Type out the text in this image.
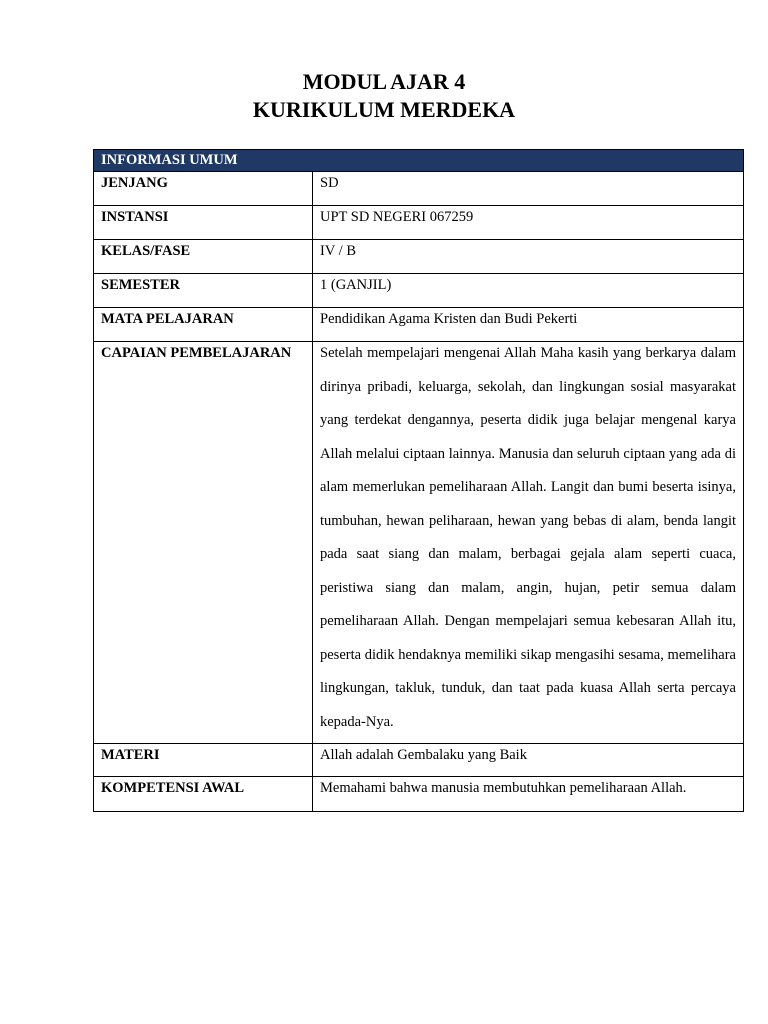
MODUL AJAR 4
KURIKULUM MERDEKA
INFORMASI UMUM	
JENJANG	SD
INSTANSI	UPT SD NEGERI 067259
KELAS/FASE	IV / B
SEMESTER	1 (GANJIL)
MATA PELAJARAN	Pendidikan Agama Kristen dan Budi Pekerti
CAPAIAN PEMBELAJARAN	Setelah mempelajari mengenai Allah Maha kasih yang berkarya dalam dirinya pribadi, keluarga, sekolah, dan lingkungan sosial masyarakat yang terdekat dengannya, peserta didik juga belajar mengenal karya Allah melalui ciptaan lainnya. Manusia dan seluruh ciptaan yang ada di alam memerlukan pemeliharaan Allah. Langit dan bumi beserta isinya, tumbuhan, hewan peliharaan, hewan yang bebas di alam, benda langit pada saat siang dan malam, berbagai gejala alam seperti cuaca, peristiwa siang dan malam, angin, hujan, petir semua dalam pemeliharaan Allah. Dengan mempelajari semua kebesaran Allah itu, peserta didik hendaknya memiliki sikap mengasihi sesama, memelihara lingkungan, takluk, tunduk, dan taat pada kuasa Allah serta percaya kepada-Nya.

MATERI	Allah adalah Gembalaku yang Baik
KOMPETENSI AWAL	Memahami bahwa manusia membutuhkan pemeliharaan Allah.
